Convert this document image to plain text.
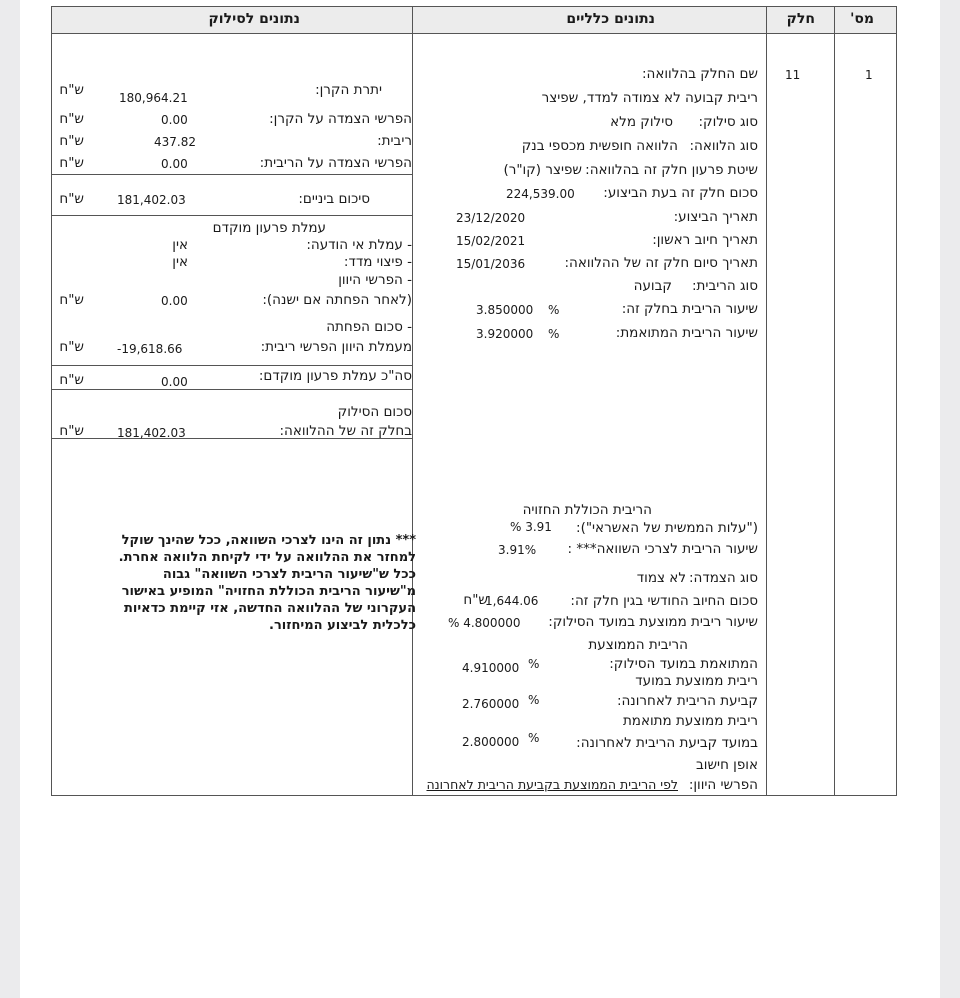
מס'
חלק
נתונים כלליים
נתונים לסילוק
1
11
שם החלק בהלוואה:
ריבית קבועה לא צמודה למדד, שפיצר
סוג סילוק:
סילוק מלא
סוג הלוואה:
הלוואה חופשית מכספי בנק
שיטת פרעון חלק זה בהלוואה:
שפיצר (קו"ר)
סכום חלק זה בעת הביצוע:
224,539.00
תאריך הביצוע:
23/12/2020
תאריך חיוב ראשון:
15/02/2021
תאריך סיום חלק זה של ההלוואה:
15/01/2036
סוג הריבית:
קבועה
שיעור הריבית בחלק זה:
%
3.850000
שיעור הריבית המתואמת:
%
3.920000
הריבית הכוללת החזויה
("עלות הממשית של האשראי"):
% 3.91
שיעור הריבית לצרכי השוואה*** :
3.91%
סוג הצמדה:
לא צמוד
סכום החיוב החודשי בגין חלק זה:
1,644.06
ש"ח
שיעור ריבית ממוצעת במועד הסילוק:
% 4.800000
הריבית הממוצעת
המתואמת במועד הסילוק:
%
4.910000
ריבית ממוצעת במועד
קביעת הריבית לאחרונה:
%
2.760000
ריבית ממוצעת מתואמת
במועד קביעת הריבית לאחרונה:
%
2.800000
אופן חישוב
הפרשי היוון:
לפי הריבית הממוצעת בקביעת הריבית לאחרונה
יתרת הקרן:
180,964.21
ש"ח
הפרשי הצמדה על הקרן:
0.00
ש"ח
ריבית:
437.82
ש"ח
הפרשי הצמדה על הריבית:
0.00
ש"ח
סיכום ביניים:
181,402.03
ש"ח
עמלת פרעון מוקדם
- עמלת אי הודעה:
אין
- פיצוי מדד:
אין
- הפרשי היוון
(לאחר הפחתה אם ישנה):
0.00
ש"ח
- סכום הפחתה
מעמלת היוון הפרשי ריבית:
-19,618.66
ש"ח
סה"כ עמלת פרעון מוקדם:
0.00
ש"ח
סכום הסילוק
בחלק זה של ההלוואה:
181,402.03
ש"ח
*** נתון זה הינו לצרכי השוואה, ככל שהינך שוקל
למחזר את ההלוואה על ידי לקיחת הלוואה אחרת.
ככל ש"שיעור הריבית לצרכי השוואה" גבוה
מ"שיעור הריבית הכוללת החזויה" המופיע באישור
העקרוני של ההלוואה החדשה, אזי קיימת כדאיות
כלכלית לביצוע המיחזור.
